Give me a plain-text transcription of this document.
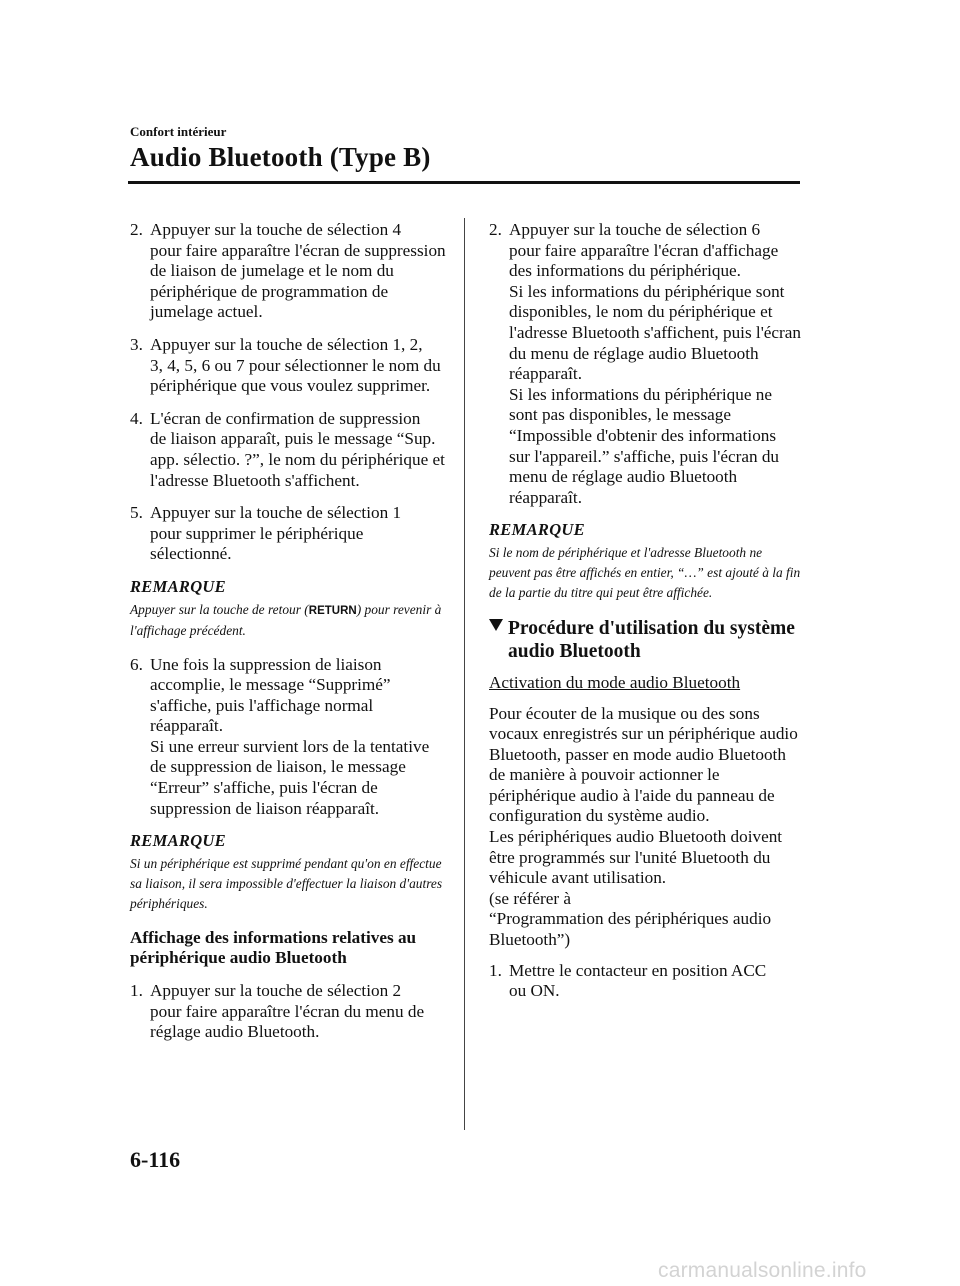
Confort intérieur
Audio Bluetooth (Type B)
2. Appuyer sur la touche de sélection 4
pour faire apparaître l'écran de suppression de liaison de jumelage et le nom du périphérique de programmation de jumelage actuel.
3. Appuyer sur la touche de sélection 1, 2,
3, 4, 5, 6 ou 7 pour sélectionner le nom du périphérique que vous voulez supprimer.
4. L'écran de confirmation de suppression
de liaison apparaît, puis le message “Sup. app. sélectio. ?”, le nom du périphérique et l'adresse Bluetooth s'affichent.
5. Appuyer sur la touche de sélection 1
pour supprimer le périphérique sélectionné.
REMARQUE
Appuyer sur la touche de retour (RETURN) pour revenir à l'affichage précédent.
6. Une fois la suppression de liaison
accomplie, le message “Supprimé” s'affiche, puis l'affichage normal réapparaît.
Si une erreur survient lors de la tentative de suppression de liaison, le message “Erreur” s'affiche, puis l'écran de suppression de liaison réapparaît.
REMARQUE
Si un périphérique est supprimé pendant qu'on en effectue sa liaison, il sera impossible d'effectuer la liaison d'autres périphériques.
Affichage des informations relatives au périphérique audio Bluetooth
1. Appuyer sur la touche de sélection 2
pour faire apparaître l'écran du menu de réglage audio Bluetooth.
2. Appuyer sur la touche de sélection 6
pour faire apparaître l'écran d'affichage des informations du périphérique.
Si les informations du périphérique sont disponibles, le nom du périphérique et l'adresse Bluetooth s'affichent, puis l'écran du menu de réglage audio Bluetooth réapparaît.
Si les informations du périphérique ne sont pas disponibles, le message “Impossible d'obtenir des informations sur l'appareil.” s'affiche, puis l'écran du menu de réglage audio Bluetooth réapparaît.
REMARQUE
Si le nom de périphérique et l'adresse Bluetooth ne peuvent pas être affichés en entier, “…” est ajouté à la fin de la partie du titre qui peut être affichée.
Procédure d'utilisation du système audio Bluetooth
Activation du mode audio Bluetooth
Pour écouter de la musique ou des sons vocaux enregistrés sur un périphérique audio Bluetooth, passer en mode audio Bluetooth de manière à pouvoir actionner le périphérique audio à l'aide du panneau de configuration du système audio.
Les périphériques audio Bluetooth doivent être programmés sur l'unité Bluetooth du véhicule avant utilisation.
(se référer à
“Programmation des périphériques audio Bluetooth”)
1. Mettre le contacteur en position ACC
ou ON.
6-116
carmanualsonline.info
